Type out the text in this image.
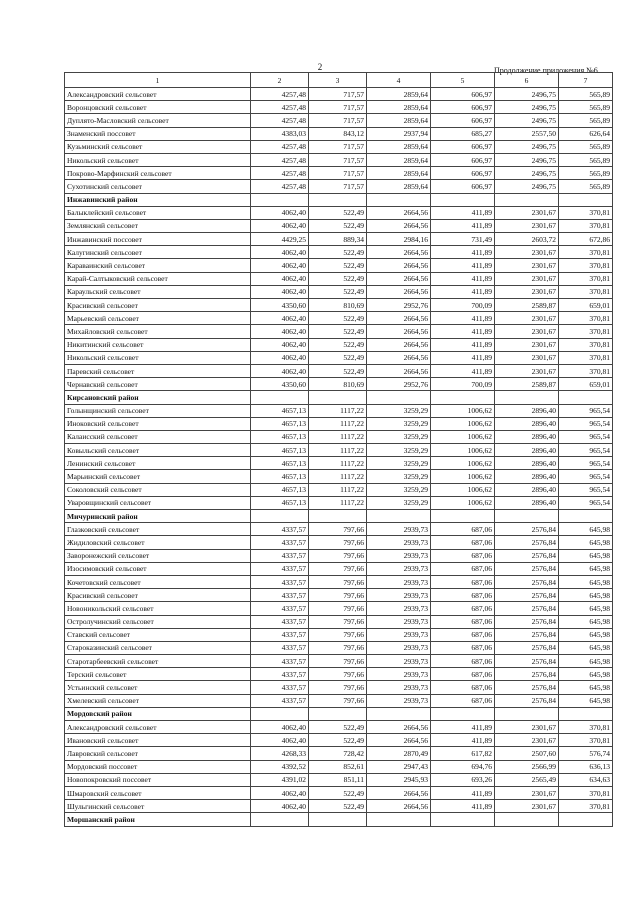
2	Продолжение приложения №6
1	2	3	4	5	6	7
Александровский сельсовет	4257,48	717,57	2859,64	606,97	2496,75	565,89
Воронцовский сельсовет	4257,48	717,57	2859,64	606,97	2496,75	565,89
Дуплято-Масловский сельсовет	4257,48	717,57	2859,64	606,97	2496,75	565,89
Знаменский поссовет	4383,03	843,12	2937,94	685,27	2557,50	626,64
Кузьминский сельсовет	4257,48	717,57	2859,64	606,97	2496,75	565,89
Никольский сельсовет	4257,48	717,57	2859,64	606,97	2496,75	565,89
Покрово-Марфинский сельсовет	4257,48	717,57	2859,64	606,97	2496,75	565,89
Сухотинский сельсовет	4257,48	717,57	2859,64	606,97	2496,75	565,89
Инжавинский район						
Балыклейский сельсовет	4062,40	522,49	2664,56	411,89	2301,67	370,81
Землянский сельсовет	4062,40	522,49	2664,56	411,89	2301,67	370,81
Инжавинский поссовет	4429,25	889,34	2984,16	731,49	2603,72	672,86
Калугинский сельсовет	4062,40	522,49	2664,56	411,89	2301,67	370,81
Караваинский сельсовет	4062,40	522,49	2664,56	411,89	2301,67	370,81
Карай-Салтыковский сельсовет	4062,40	522,49	2664,56	411,89	2301,67	370,81
Караульский сельсовет	4062,40	522,49	2664,56	411,89	2301,67	370,81
Красивский сельсовет	4350,60	810,69	2952,76	700,09	2589,87	659,01
Марьевский сельсовет	4062,40	522,49	2664,56	411,89	2301,67	370,81
Михайловский сельсовет	4062,40	522,49	2664,56	411,89	2301,67	370,81
Никитинский сельсовет	4062,40	522,49	2664,56	411,89	2301,67	370,81
Никольский сельсовет	4062,40	522,49	2664,56	411,89	2301,67	370,81
Паревский сельсовет	4062,40	522,49	2664,56	411,89	2301,67	370,81
Чернавский сельсовет	4350,60	810,69	2952,76	700,09	2589,87	659,01
Кирсановский район						
Голынщинский сельсовет	4657,13	1117,22	3259,29	1006,62	2896,40	965,54
Иноковский сельсовет	4657,13	1117,22	3259,29	1006,62	2896,40	965,54
Калаисский сельсовет	4657,13	1117,22	3259,29	1006,62	2896,40	965,54
Ковыльский сельсовет	4657,13	1117,22	3259,29	1006,62	2896,40	965,54
Ленинский сельсовет	4657,13	1117,22	3259,29	1006,62	2896,40	965,54
Марьинский сельсовет	4657,13	1117,22	3259,29	1006,62	2896,40	965,54
Соколовский сельсовет	4657,13	1117,22	3259,29	1006,62	2896,40	965,54
Уваровщинский сельсовет	4657,13	1117,22	3259,29	1006,62	2896,40	965,54
Мичуринский район						
Глазковский сельсовет	4337,57	797,66	2939,73	687,06	2576,84	645,98
Жидиловский сельсовет	4337,57	797,66	2939,73	687,06	2576,84	645,98
Заворонежский сельсовет	4337,57	797,66	2939,73	687,06	2576,84	645,98
Изосимовский сельсовет	4337,57	797,66	2939,73	687,06	2576,84	645,98
Кочетовский сельсовет	4337,57	797,66	2939,73	687,06	2576,84	645,98
Красивский сельсовет	4337,57	797,66	2939,73	687,06	2576,84	645,98
Новоникольский сельсовет	4337,57	797,66	2939,73	687,06	2576,84	645,98
Остролучинский сельсовет	4337,57	797,66	2939,73	687,06	2576,84	645,98
Ставский сельсовет	4337,57	797,66	2939,73	687,06	2576,84	645,98
Староказинский сельсовет	4337,57	797,66	2939,73	687,06	2576,84	645,98
Старотарбеевский сельсовет	4337,57	797,66	2939,73	687,06	2576,84	645,98
Терский сельсовет	4337,57	797,66	2939,73	687,06	2576,84	645,98
Устьинский сельсовет	4337,57	797,66	2939,73	687,06	2576,84	645,98
Хмелевский сельсовет	4337,57	797,66	2939,73	687,06	2576,84	645,98
Мордовский район						
Александровский сельсовет	4062,40	522,49	2664,56	411,89	2301,67	370,81
Ивановский сельсовет	4062,40	522,49	2664,56	411,89	2301,67	370,81
Лавровский сельсовет	4268,33	728,42	2870,49	617,82	2507,60	576,74
Мордовский поссовет	4392,52	852,61	2947,43	694,76	2566,99	636,13
Новопокровский поссовет	4391,02	851,11	2945,93	693,26	2565,49	634,63
Шмаровский сельсовет	4062,40	522,49	2664,56	411,89	2301,67	370,81
Шульгинский сельсовет	4062,40	522,49	2664,56	411,89	2301,67	370,81
Моршанский район						
